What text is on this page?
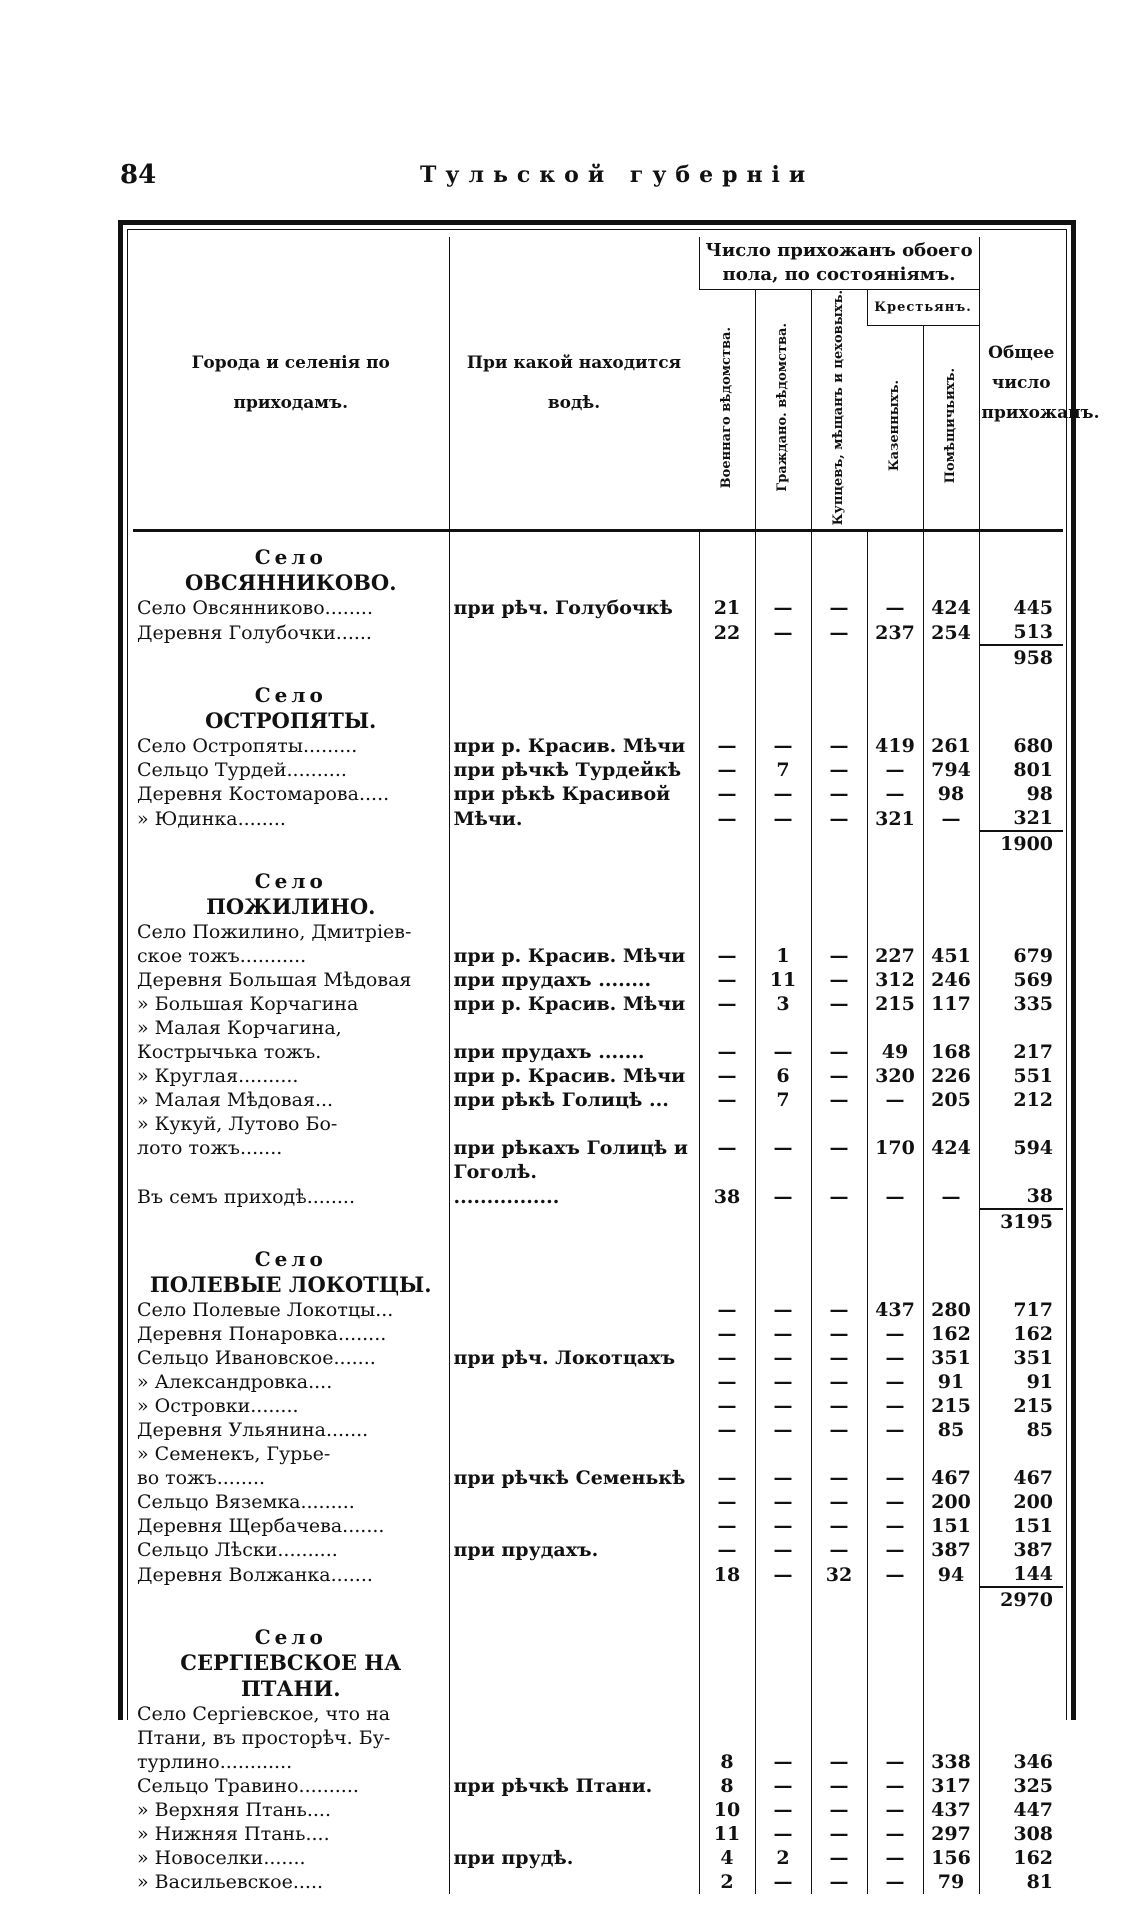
84	Тульской губерніи
Города и селенія по приходамъ.	При какой находится водѣ.	Число прихожанъ обоего пола, по состояніямъ.					Общее число прихожанъ.
		Военнаго вѣдомства.	Граждано. вѣдомства.	Купцевъ, мѣщанъ и цеховыхъ.	Крестьянъ.		
					Казенныхъ.	Помѣщичьихъ.	

Село							
ОВСЯННИКОВО.							
Село Овсянниково........	при рѣч. Голубочкѣ	21	—	—	—	424	445
Деревня Голубочки......		22	—	—	237	254	513
							958

Село							
ОСТРОПЯТЫ.							
Село Остропяты.........	при р. Красив. Мѣчи	—	—	—	419	261	680
Сельцо Турдей..........	при рѣчкѣ Турдейкѣ	—	7	—	—	794	801
Деревня Костомарова.....	при рѣкѣ Красивой	—	—	—	—	98	98
» Юдинка........	Мѣчи.	—	—	—	321	—	321
							1900

Село							
ПОЖИЛИНО.							
Село Пожилино, Дмитріев-							
ское тожъ...........	при р. Красив. Мѣчи	—	1	—	227	451	679
Деревня Большая Мѣдовая	при прудахъ ........	—	11	—	312	246	569
» Большая Корчагина	при р. Красив. Мѣчи	—	3	—	215	117	335
» Малая Корчагина,							
Кострычька тожъ.	при прудахъ .......	—	—	—	49	168	217
» Круглая..........	при р. Красив. Мѣчи	—	6	—	320	226	551
» Малая Мѣдовая...	при рѣкѣ Голицѣ ...	—	7	—	—	205	212
» Кукуй, Лутово Бо-							
лото тожъ.......	при рѣкахъ Голицѣ и	—	—	—	170	424	594
	Гоголѣ.						
Въ семъ приходѣ........	................	38	—	—	—	—	38
							3195

Село							
ПОЛЕВЫЕ ЛОКОТЦЫ.							
Село Полевые Локотцы...		—	—	—	437	280	717
Деревня Понаровка........		—	—	—	—	162	162
Сельцо Ивановское.......	при рѣч. Локотцахъ	—	—	—	—	351	351
» Александровка....		—	—	—	—	91	91
» Островки........		—	—	—	—	215	215
Деревня Ульянина.......		—	—	—	—	85	85
» Семенекъ, Гурье-							
во тожъ........	при рѣчкѣ Семенькѣ	—	—	—	—	467	467
Сельцо Вяземка.........		—	—	—	—	200	200
Деревня Щербачева.......		—	—	—	—	151	151
Сельцо Лѣски..........	при прудахъ.	—	—	—	—	387	387
Деревня Волжанка.......		18	—	32	—	94	144
							2970

Село							
СЕРГІЕВСКОЕ НА ПТАНИ.							
Село Сергіевское, что на							
Птани, въ просторѣч. Бу-							
турлино............		8	—	—	—	338	346
Сельцо Травино..........	при рѣчкѣ Птани.	8	—	—	—	317	325
» Верхняя Птань....		10	—	—	—	437	447
» Нижняя Птань....		11	—	—	—	297	308
» Новоселки.......	при прудѣ.	4	2	—	—	156	162
» Васильевское.....		2	—	—	—	79	81
